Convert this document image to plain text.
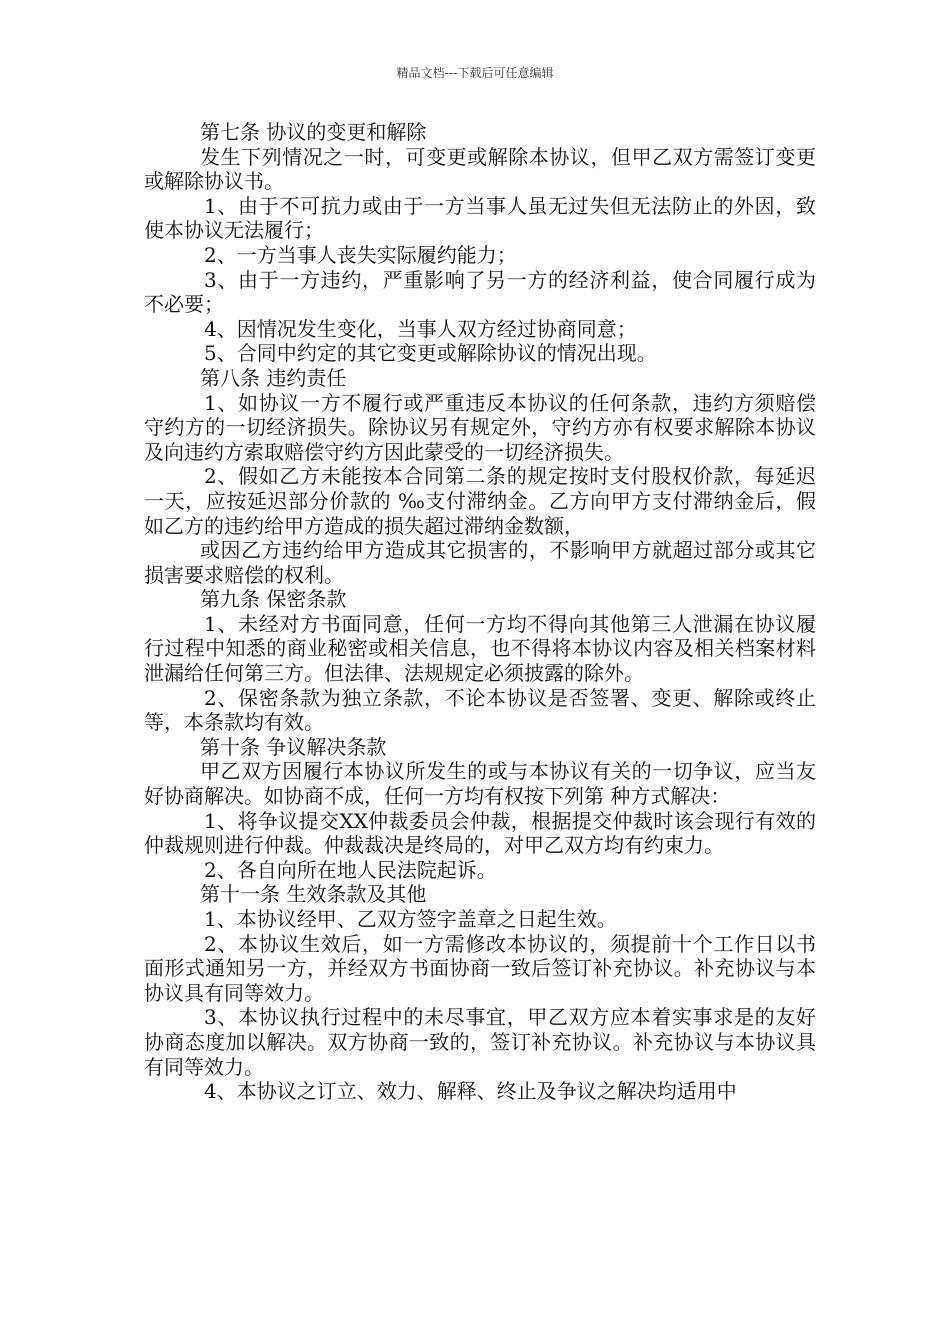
精品文档---下载后可任意编辑

第七条 协议的变更和解除

发生下列情况之一时，可变更或解除本协议，但甲乙双方需签订变更或解除协议书。

1、由于不可抗力或由于一方当事人虽无过失但无法防止的外因，致使本协议无法履行；

2、一方当事人丧失实际履约能力；

3、由于一方违约，严重影响了另一方的经济利益，使合同履行成为不必要；

4、因情况发生变化，当事人双方经过协商同意；

5、合同中约定的其它变更或解除协议的情况出现。

第八条 违约责任

1、如协议一方不履行或严重违反本协议的任何条款，违约方须赔偿守约方的一切经济损失。除协议另有规定外，守约方亦有权要求解除本协议及向违约方索取赔偿守约方因此蒙受的一切经济损失。

2、假如乙方未能按本合同第二条的规定按时支付股权价款，每延迟一天，应按延迟部分价款的 ‰支付滞纳金。乙方向甲方支付滞纳金后，假如乙方的违约给甲方造成的损失超过滞纳金数额，

或因乙方违约给甲方造成其它损害的，不影响甲方就超过部分或其它损害要求赔偿的权利。

第九条 保密条款

1、未经对方书面同意，任何一方均不得向其他第三人泄漏在协议履行过程中知悉的商业秘密或相关信息，也不得将本协议内容及相关档案材料泄漏给任何第三方。但法律、法规规定必须披露的除外。

2、保密条款为独立条款，不论本协议是否签署、变更、解除或终止等，本条款均有效。

第十条 争议解决条款

甲乙双方因履行本协议所发生的或与本协议有关的一切争议，应当友好协商解决。如协商不成，任何一方均有权按下列第 种方式解决：

1、将争议提交XX仲裁委员会仲裁，根据提交仲裁时该会现行有效的仲裁规则进行仲裁。仲裁裁决是终局的，对甲乙双方均有约束力。

2、各自向所在地人民法院起诉。

第十一条 生效条款及其他

1、本协议经甲、乙双方签字盖章之日起生效。

2、本协议生效后，如一方需修改本协议的，须提前十个工作日以书面形式通知另一方，并经双方书面协商一致后签订补充协议。补充协议与本协议具有同等效力。

3、本协议执行过程中的未尽事宜，甲乙双方应本着实事求是的友好协商态度加以解决。双方协商一致的，签订补充协议。补充协议与本协议具有同等效力。

4、本协议之订立、效力、解释、终止及争议之解决均适用中
